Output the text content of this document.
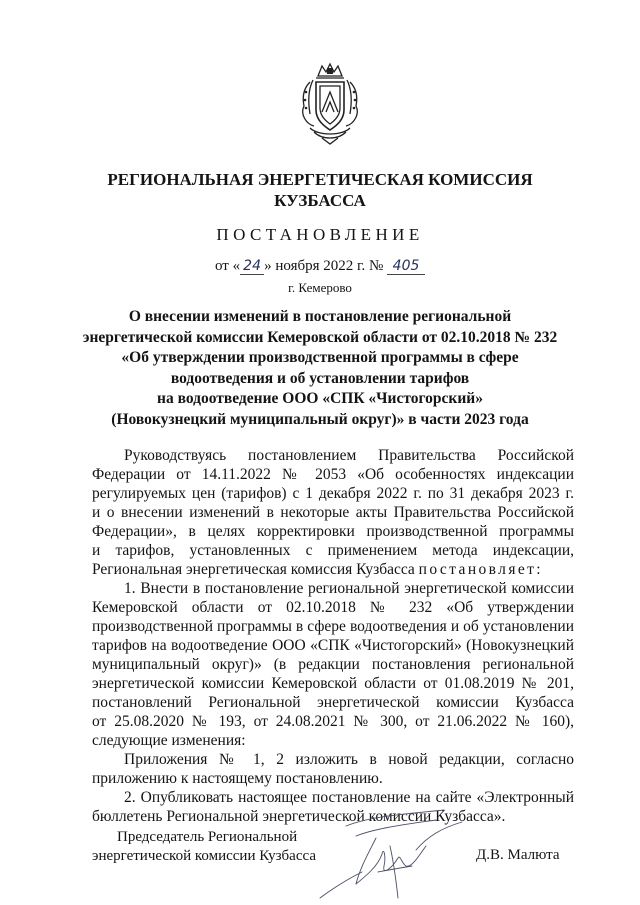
РЕГИОНАЛЬНАЯ ЭНЕРГЕТИЧЕСКАЯ КОМИССИЯ
КУЗБАССА
ПОСТАНОВЛЕНИЕ
от « 24 » ноября 2022 г. № 405
г. Кемерово
О внесении изменений в постановление региональной
энергетической комиссии Кемеровской области от 02.10.2018 № 232
«Об утверждении производственной программы в сфере
водоотведения и об установлении тарифов
на водоотведение ООО «СПК «Чистогорский»
(Новокузнецкий муниципальный округ)» в части 2023 года
Руководствуясь постановлением Правительства Российской
Федерации от 14.11.2022 № 2053 «Об особенностях индексации
регулируемых цен (тарифов) с 1 декабря 2022 г. по 31 декабря 2023 г.
и о внесении изменений в некоторые акты Правительства Российской
Федерации», в целях корректировки производственной программы
и тарифов, установленных с применением метода индексации,
Региональная энергетическая комиссия Кузбасса постановляет:
1. Внести в постановление региональной энергетической комиссии
Кемеровской области от 02.10.2018 № 232 «Об утверждении
производственной программы в сфере водоотведения и об установлении
тарифов на водоотведение ООО «СПК «Чистогорский» (Новокузнецкий
муниципальный округ)» (в редакции постановления региональной
энергетической комиссии Кемеровской области от 01.08.2019 № 201,
постановлений Региональной энергетической комиссии Кузбасса
от 25.08.2020 № 193, от 24.08.2021 № 300, от 21.06.2022 № 160),
следующие изменения:
Приложения № 1, 2 изложить в новой редакции, согласно
приложению к настоящему постановлению.
2. Опубликовать настоящее постановление на сайте «Электронный
бюллетень Региональной энергетической комиссии Кузбасса».
Председатель Региональной
энергетической комиссии Кузбасса	Д.В. Малюта
